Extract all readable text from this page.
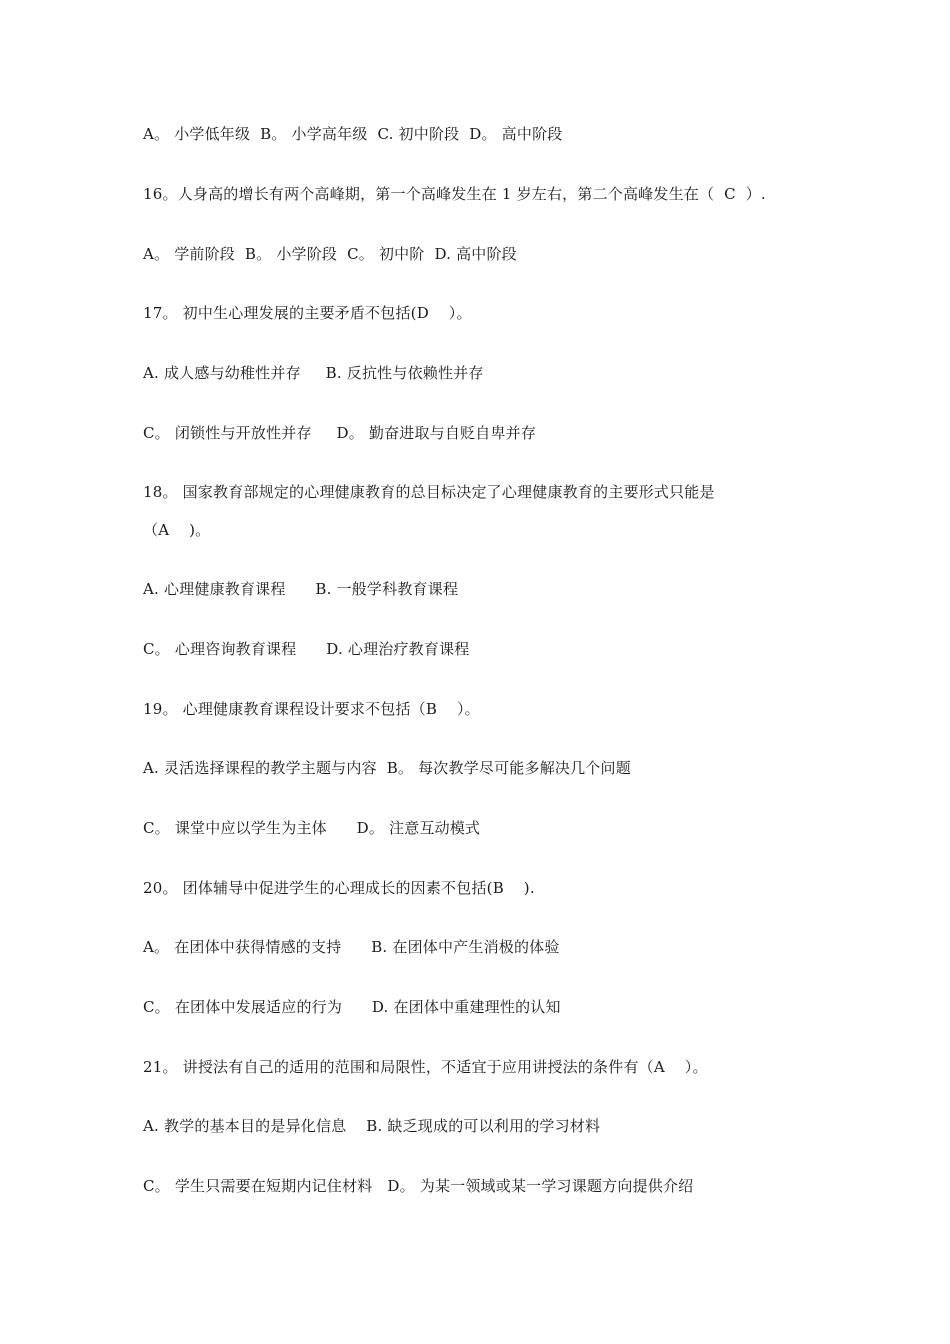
A。 小学低年级  B。 小学高年级  C. 初中阶段  D。 高中阶段
16。人身高的增长有两个高峰期，第一个高峰发生在 1 岁左右，第二个高峰发生在（  C  ）.
A。 学前阶段  B。 小学阶段  C。 初中阶  D. 高中阶段
17。 初中生心理发展的主要矛盾不包括(D    ）。
A. 成人感与幼稚性并存     B. 反抗性与依赖性并存
C。 闭锁性与开放性并存     D。 勤奋进取与自贬自卑并存
18。 国家教育部规定的心理健康教育的总目标决定了心理健康教育的主要形式只能是
（A    )。
A. 心理健康教育课程      B. 一般学科教育课程
C。 心理咨询教育课程      D. 心理治疗教育课程
19。 心理健康教育课程设计要求不包括（B    ）。
A. 灵活选择课程的教学主题与内容  B。 每次教学尽可能多解决几个问题
C。 课堂中应以学生为主体      D。 注意互动模式
20。 团体辅导中促进学生的心理成长的因素不包括(B    ).
A。 在团体中获得情感的支持      B. 在团体中产生消极的体验
C。 在团体中发展适应的行为      D. 在团体中重建理性的认知
21。 讲授法有自己的适用的范围和局限性，不适宜于应用讲授法的条件有（A    ）。
A. 教学的基本目的是异化信息    B. 缺乏现成的可以利用的学习材料
C。 学生只需要在短期内记住材料   D。 为某一领域或某一学习课题方向提供介绍
